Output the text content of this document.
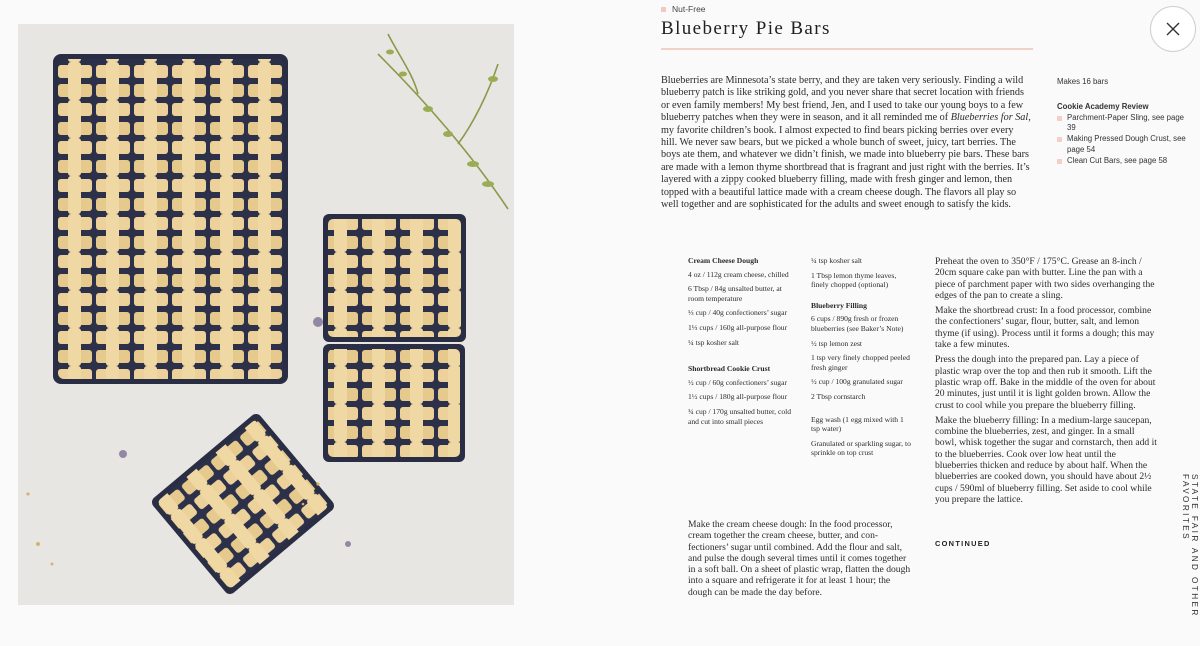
Nut-Free
Blueberry Pie Bars
Blueberries are Minnesota’s state berry, and they are taken very seriously. Finding a wild blueberry patch is like striking gold, and you never share that secret location with friends or even family members! My best friend, Jen, and I used to take our young boys to a few blueberry patches when they were in season, and it all reminded me of Blueberries for Sal, my favorite children’s book. I almost expected to find bears picking berries over every hill. We never saw bears, but we picked a whole bunch of sweet, juicy, tart berries. The boys ate them, and whatever we didn’t finish, we made into blueberry pie bars. These bars are made with a lemon thyme shortbread that is fragrant and just right with the berries. It’s layered with a zippy cooked blueberry filling, made with fresh ginger and lemon, then topped with a beautiful lattice made with a cream cheese dough. The flavors all play so well together and are sophisticated for the adults and sweet enough to satisfy the kids.
Makes 16 bars
Cookie Academy Review
Parchment-Paper Sling, see page 39
Making Pressed Dough Crust, see page 54
Clean Cut Bars, see page 58
Cream Cheese Dough
4 oz / 112g cream cheese, chilled
6 Tbsp / 84g unsalted butter, at room temperature
⅓ cup / 40g confectioners’ sugar
1⅓ cups / 160g all-purpose flour
¼ tsp kosher salt
Shortbread Cookie Crust
½ cup / 60g confectioners’ sugar
1½ cups / 180g all-purpose flour
¾ cup / 170g unsalted butter, cold and cut into small pieces
¼ tsp kosher salt
1 Tbsp lemon thyme leaves, finely chopped (optional)
Blueberry Filling
6 cups / 890g fresh or frozen blueberries (see Baker’s Note)
½ tsp lemon zest
1 tsp very finely chopped peeled fresh ginger
½ cup / 100g granulated sugar
2 Tbsp cornstarch
Egg wash (1 egg mixed with 1 tsp water)
Granulated or sparkling sugar, to sprinkle on top crust

Make the cream cheese dough: In the food processor, cream together the cream cheese, butter, and confectioners’ sugar until combined. Add the flour and salt, and pulse the dough several times until it comes together in a soft ball. On a sheet of plastic wrap, flatten the dough into a square and refrigerate it for at least 1 hour; the dough can be made the day before.

Preheat the oven to 350°F / 175°C. Grease an 8-inch / 20cm square cake pan with butter. Line the pan with a piece of parchment paper with two sides overhanging the edges of the pan to create a sling.

Make the shortbread crust: In a food processor, combine the confectioners’ sugar, flour, butter, salt, and lemon thyme (if using). Process until it forms a dough; this may take a few minutes.

Press the dough into the prepared pan. Lay a piece of plastic wrap over the top and then rub it smooth. Lift the plastic wrap off. Bake in the middle of the oven for about 20 minutes, just until it is light golden brown. Allow the crust to cool while you prepare the blueberry filling.

Make the blueberry filling: In a medium-large saucepan, combine the blueberries, zest, and ginger. In a small bowl, whisk together the sugar and cornstarch, then add it to the blueberries. Cook over low heat until the blueberries thicken and reduce by about half. When the blueberries are cooked down, you should have about 2½ cups / 590ml of blueberry filling. Set aside to cool while you prepare the lattice.

CONTINUED	STATE FAIR AND OTHER FAVORITES
